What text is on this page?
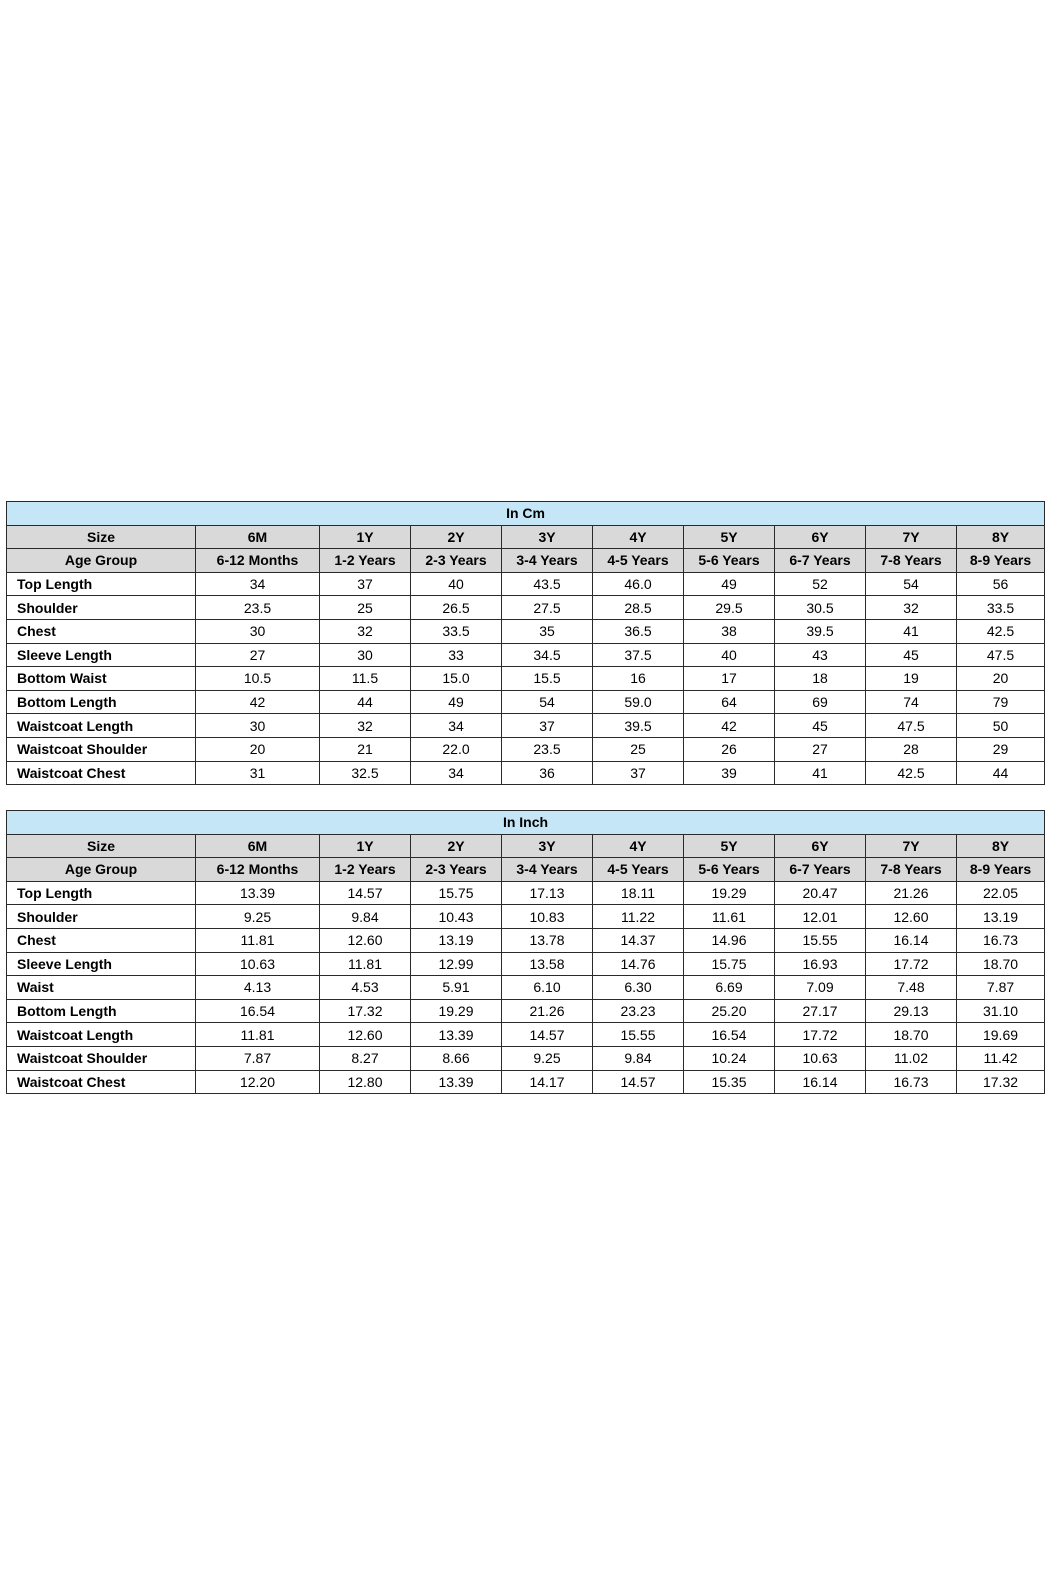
In Cm									
Size	6M	1Y	2Y	3Y	4Y	5Y	6Y	7Y	8Y
Age Group	6-12 Months	1-2 Years	2-3 Years	3-4 Years	4-5 Years	5-6 Years	6-7 Years	7-8 Years	8-9 Years
Top Length	34	37	40	43.5	46.0	49	52	54	56
Shoulder	23.5	25	26.5	27.5	28.5	29.5	30.5	32	33.5
Chest	30	32	33.5	35	36.5	38	39.5	41	42.5
Sleeve Length	27	30	33	34.5	37.5	40	43	45	47.5
Bottom Waist	10.5	11.5	15.0	15.5	16	17	18	19	20
Bottom Length	42	44	49	54	59.0	64	69	74	79
Waistcoat Length	30	32	34	37	39.5	42	45	47.5	50
Waistcoat Shoulder	20	21	22.0	23.5	25	26	27	28	29
Waistcoat Chest	31	32.5	34	36	37	39	41	42.5	44
In Inch									
Size	6M	1Y	2Y	3Y	4Y	5Y	6Y	7Y	8Y
Age Group	6-12 Months	1-2 Years	2-3 Years	3-4 Years	4-5 Years	5-6 Years	6-7 Years	7-8 Years	8-9 Years
Top Length	13.39	14.57	15.75	17.13	18.11	19.29	20.47	21.26	22.05
Shoulder	9.25	9.84	10.43	10.83	11.22	11.61	12.01	12.60	13.19
Chest	11.81	12.60	13.19	13.78	14.37	14.96	15.55	16.14	16.73
Sleeve Length	10.63	11.81	12.99	13.58	14.76	15.75	16.93	17.72	18.70
Waist	4.13	4.53	5.91	6.10	6.30	6.69	7.09	7.48	7.87
Bottom Length	16.54	17.32	19.29	21.26	23.23	25.20	27.17	29.13	31.10
Waistcoat Length	11.81	12.60	13.39	14.57	15.55	16.54	17.72	18.70	19.69
Waistcoat Shoulder	7.87	8.27	8.66	9.25	9.84	10.24	10.63	11.02	11.42
Waistcoat Chest	12.20	12.80	13.39	14.17	14.57	15.35	16.14	16.73	17.32
